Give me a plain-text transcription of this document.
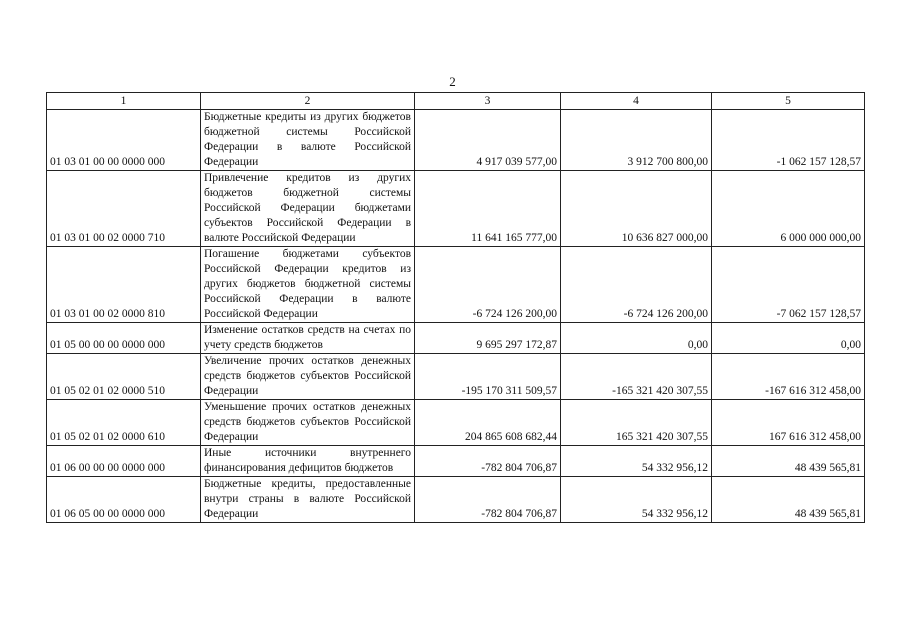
2
1	2	3	4	5
01 03 01 00 00 0000 000	Бюджетные кредиты из других бюджетов бюджетной системы Российской Федерации в валюте Российской Федерации	4 917 039 577,00	3 912 700 800,00	-1 062 157 128,57
01 03 01 00 02 0000 710	Привлечение кредитов из других бюджетов бюджетной системы Российской Федерации бюджетами субъектов Российской Федерации в валюте Российской Федерации	11 641 165 777,00	10 636 827 000,00	6 000 000 000,00
01 03 01 00 02 0000 810	Погашение бюджетами субъектов Российской Федерации кредитов из других бюджетов бюджетной системы Российской Федерации в валюте Российской Федерации	-6 724 126 200,00	-6 724 126 200,00	-7 062 157 128,57
01 05 00 00 00 0000 000	Изменение остатков средств на счетах по учету средств бюджетов	9 695 297 172,87	0,00	0,00
01 05 02 01 02 0000 510	Увеличение прочих остатков денежных средств бюджетов субъектов Российской Федерации	-195 170 311 509,57	-165 321 420 307,55	-167 616 312 458,00
01 05 02 01 02 0000 610	Уменьшение прочих остатков денежных средств бюджетов субъектов Российской Федерации	204 865 608 682,44	165 321 420 307,55	167 616 312 458,00
01 06 00 00 00 0000 000	Иные источники внутреннего финансирования дефицитов бюджетов	-782 804 706,87	54 332 956,12	48 439 565,81
01 06 05 00 00 0000 000	Бюджетные кредиты, предоставленные внутри страны в валюте Российской Федерации	-782 804 706,87	54 332 956,12	48 439 565,81
